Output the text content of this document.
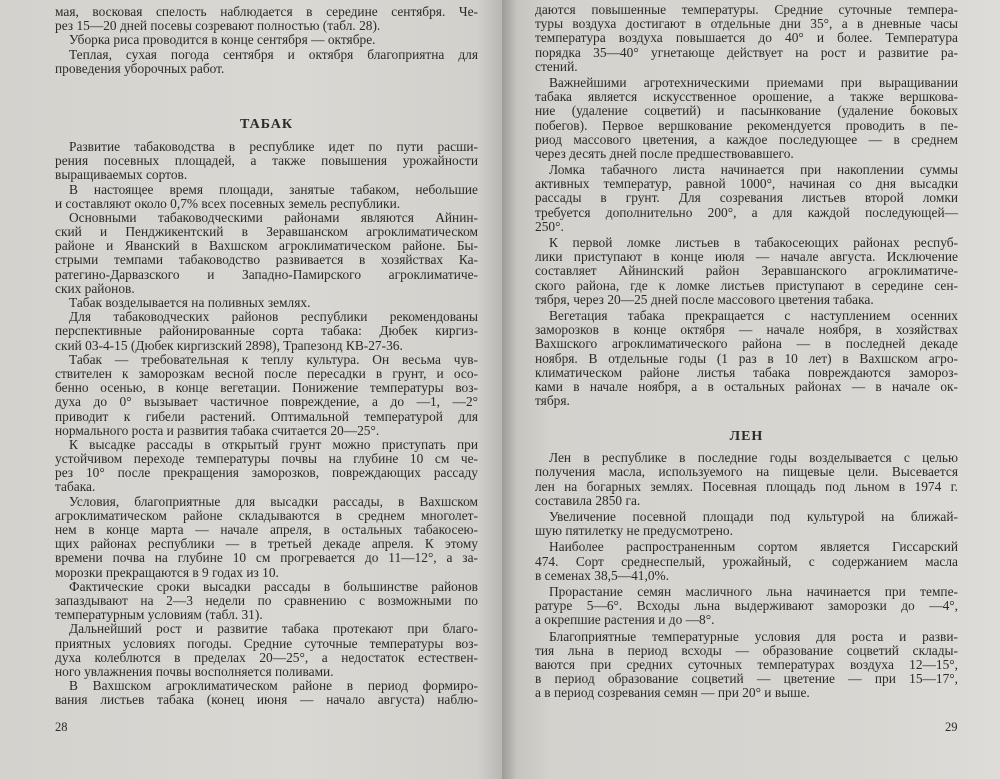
мая, восковая спелость наблюдается в середине сентября. Че-
рез 15—20 дней посевы созревают полностью (табл. 28).
Уборка риса проводится в конце сентября — октябре.
Теплая, сухая погода сентября и октября благоприятна для
проведения уборочных работ.
ТАБАК
Развитие табаководства в республике идет по пути расши-
рения посевных площадей, а также повышения урожайности
выращиваемых сортов.
В настоящее время площади, занятые табаком, небольшие
и составляют около 0,7% всех посевных земель республики.
Основными табаководческими районами являются Айнин-
ский и Пенджикентский в Зеравшанском агроклиматическом
районе и Яванский в Вахшском агроклиматическом районе. Бы-
стрыми темпами табаководство развивается в хозяйствах Ка-
ратегино-Дарвазского и Западно-Памирского агроклиматиче-
ских районов.
Табак возделывается на поливных землях.
Для табаководческих районов республики рекомендованы
перспективные районированные сорта табака: Дюбек киргиз-
ский 03-4-15 (Дюбек киргизский 2898), Трапезонд КВ-27-36.
Табак — требовательная к теплу культура. Он весьма чув-
ствителен к заморозкам весной после пересадки в грунт, и осо-
бенно осенью, в конце вегетации. Понижение температуры воз-
духа до 0° вызывает частичное повреждение, а до —1, —2°
приводит к гибели растений. Оптимальной температурой для
нормального роста и развития табака считается 20—25°.
К высадке рассады в открытый грунт можно приступать при
устойчивом переходе температуры почвы на глубине 10 см че-
рез 10° после прекращения заморозков, повреждающих рассаду
табака.
Условия, благоприятные для высадки рассады, в Вахшском
агроклиматическом районе складываются в среднем многолет-
нем в конце марта — начале апреля, в остальных табакосею-
щих районах республики — в третьей декаде апреля. К этому
времени почва на глубине 10 см прогревается до 11—12°, а за-
морозки прекращаются в 9 годах из 10.
Фактические сроки высадки рассады в большинстве районов
запаздывают на 2—3 недели по сравнению с возможными по
температурным условиям (табл. 31).
Дальнейший рост и развитие табака протекают при благо-
приятных условиях погоды. Средние суточные температуры воз-
духа колеблются в пределах 20—25°, а недостаток естествен-
ного увлажнения почвы восполняется поливами.
В Вахшском агроклиматическом районе в период формиро-
вания листьев табака (конец июня — начало августа) наблю-
28
даются повышенные температуры. Средние суточные темпера-
туры воздуха достигают в отдельные дни 35°, а в дневные часы
температура воздуха повышается до 40° и более. Температура
порядка 35—40° угнетающе действует на рост и развитие ра-
стений.
Важнейшими агротехническими приемами при выращивании
табака является искусственное орошение, а также вершкова-
ние (удаление соцветий) и пасынкование (удаление боковых
побегов). Первое вершкование рекомендуется проводить в пе-
риод массового цветения, а каждое последующее — в среднем
через десять дней после предшествовавшего.
Ломка табачного листа начинается при накоплении суммы
активных температур, равной 1000°, начиная со дня высадки
рассады в грунт. Для созревания листьев второй ломки
требуется дополнительно 200°, а для каждой последующей—
250°.
К первой ломке листьев в табакосеющих районах респуб-
лики приступают в конце июля — начале августа. Исключение
составляет Айнинский район Зеравшанского агроклиматиче-
ского района, где к ломке листьев приступают в середине сен-
тября, через 20—25 дней после массового цветения табака.
Вегетация табака прекращается с наступлением осенних
заморозков в конце октября — начале ноября, в хозяйствах
Вахшского агроклиматического района — в последней декаде
ноября. В отдельные годы (1 раз в 10 лет) в Вахшском агро-
климатическом районе листья табака повреждаются замороз-
ками в начале ноября, а в остальных районах — в начале ок-
тября.
ЛЕН
Лен в республике в последние годы возделывается с целью
получения масла, используемого на пищевые цели. Высевается
лен на богарных землях. Посевная площадь под льном в 1974 г.
составила 2850 га.
Увеличение посевной площади под культурой на ближай-
шую пятилетку не предусмотрено.
Наиболее распространенным сортом является Гиссарский
474. Сорт среднеспелый, урожайный, с содержанием масла
в семенах 38,5—41,0%.
Прорастание семян масличного льна начинается при темпе-
ратуре 5—6°. Всходы льна выдерживают заморозки до —4°,
а окрепшие растения и до —8°.
Благоприятные температурные условия для роста и разви-
тия льна в период всходы — образование соцветий склады-
ваются при средних суточных температурах воздуха 12—15°,
в период образование соцветий — цветение — при 15—17°,
а в период созревания семян — при 20° и выше.
29
